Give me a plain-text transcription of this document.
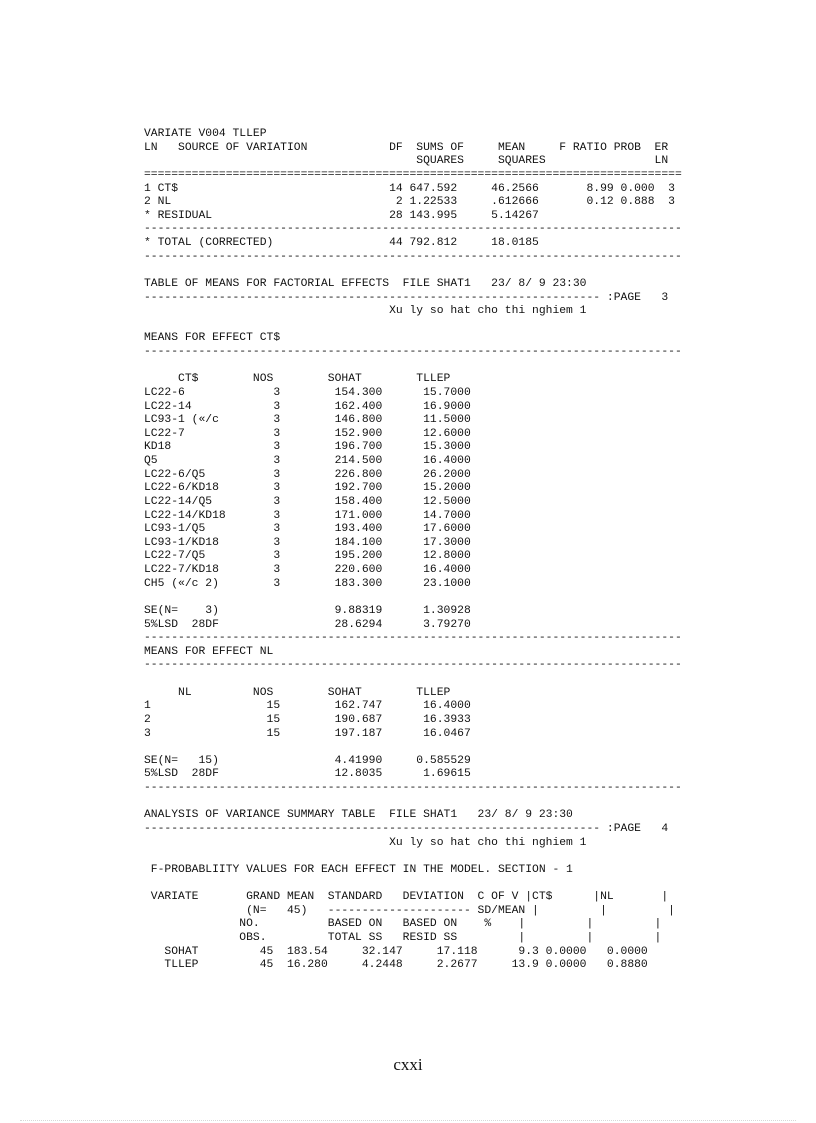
VARIATE V004 TLLEP
LN   SOURCE OF VARIATION            DF  SUMS OF     MEAN     F RATIO PROB  ER
SQUARES     SQUARES                LN
===============================================================================
1 CT$                               14 647.592     46.2566       8.99 0.000  3
2 NL                                 2 1.22533     .612666       0.12 0.888  3
* RESIDUAL                          28 143.995     5.14267
-------------------------------------------------------------------------------
* TOTAL (CORRECTED)                 44 792.812     18.0185
-------------------------------------------------------------------------------

TABLE OF MEANS FOR FACTORIAL EFFECTS  FILE SHAT1   23/ 8/ 9 23:30
------------------------------------------------------------------- :PAGE   3
Xu ly so hat cho thi nghiem 1

MEANS FOR EFFECT CT$
-------------------------------------------------------------------------------

CT$        NOS        SOHAT        TLLEP
LC22-6             3        154.300      15.7000
LC22-14            3        162.400      16.9000
LC93-1 («/c        3        146.800      11.5000
LC22-7             3        152.900      12.6000
KD18               3        196.700      15.3000
Q5                 3        214.500      16.4000
LC22-6/Q5          3        226.800      26.2000
LC22-6/KD18        3        192.700      15.2000
LC22-14/Q5         3        158.400      12.5000
LC22-14/KD18       3        171.000      14.7000
LC93-1/Q5          3        193.400      17.6000
LC93-1/KD18        3        184.100      17.3000
LC22-7/Q5          3        195.200      12.8000
LC22-7/KD18        3        220.600      16.4000
CH5 («/c 2)        3        183.300      23.1000

SE(N=    3)                 9.88319      1.30928
5%LSD  28DF                 28.6294      3.79270
-------------------------------------------------------------------------------
MEANS FOR EFFECT NL
-------------------------------------------------------------------------------

NL         NOS        SOHAT        TLLEP
1                 15        162.747      16.4000
2                 15        190.687      16.3933
3                 15        197.187      16.0467

SE(N=   15)                 4.41990     0.585529
5%LSD  28DF                 12.8035      1.69615
-------------------------------------------------------------------------------

ANALYSIS OF VARIANCE SUMMARY TABLE  FILE SHAT1   23/ 8/ 9 23:30
------------------------------------------------------------------- :PAGE   4
Xu ly so hat cho thi nghiem 1

F-PROBABLIITY VALUES FOR EACH EFFECT IN THE MODEL. SECTION - 1

VARIATE       GRAND MEAN  STANDARD   DEVIATION  C OF V |CT$      |NL       |
(N=   45)   --------------------- SD/MEAN |         |         |
NO.          BASED ON   BASED ON    %    |         |         |
OBS.         TOTAL SS   RESID SS         |         |         |
SOHAT         45  183.54     32.147     17.118      9.3 0.0000   0.0000
TLLEP         45  16.280     4.2448     2.2677     13.9 0.0000   0.8880

cxxi
